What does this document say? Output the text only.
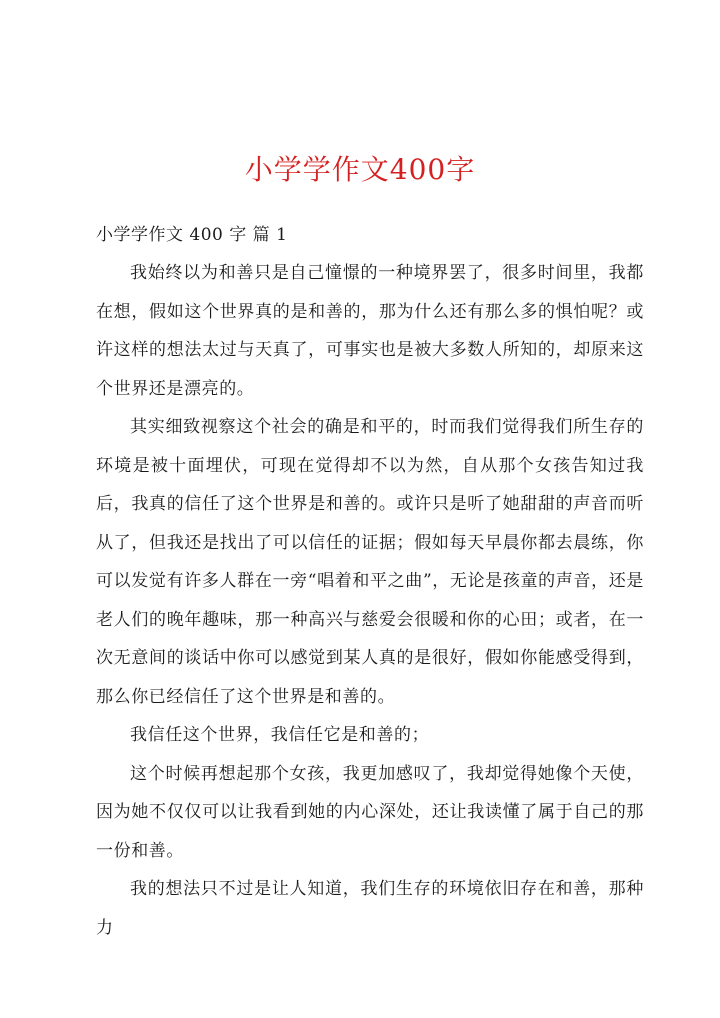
小学学作文400字

小学学作文 400 字 篇 1

我始终以为和善只是自己憧憬的一种境界罢了，很多时间里，我都在想，假如这个世界真的是和善的，那为什么还有那么多的惧怕呢？或许这样的想法太过与天真了，可事实也是被大多数人所知的，却原来这个世界还是漂亮的。

其实细致视察这个社会的确是和平的，时而我们觉得我们所生存的环境是被十面埋伏，可现在觉得却不以为然，自从那个女孩告知过我后，我真的信任了这个世界是和善的。或许只是听了她甜甜的声音而听从了，但我还是找出了可以信任的证据；假如每天早晨你都去晨练，你可以发觉有许多人群在一旁“唱着和平之曲”，无论是孩童的声音，还是老人们的晚年趣味，那一种高兴与慈爱会很暖和你的心田；或者，在一次无意间的谈话中你可以感觉到某人真的是很好，假如你能感受得到，那么你已经信任了这个世界是和善的。

我信任这个世界，我信任它是和善的；

这个时候再想起那个女孩，我更加感叹了，我却觉得她像个天使，因为她不仅仅可以让我看到她的内心深处，还让我读懂了属于自己的那一份和善。

我的想法只不过是让人知道，我们生存的环境依旧存在和善，那种力
